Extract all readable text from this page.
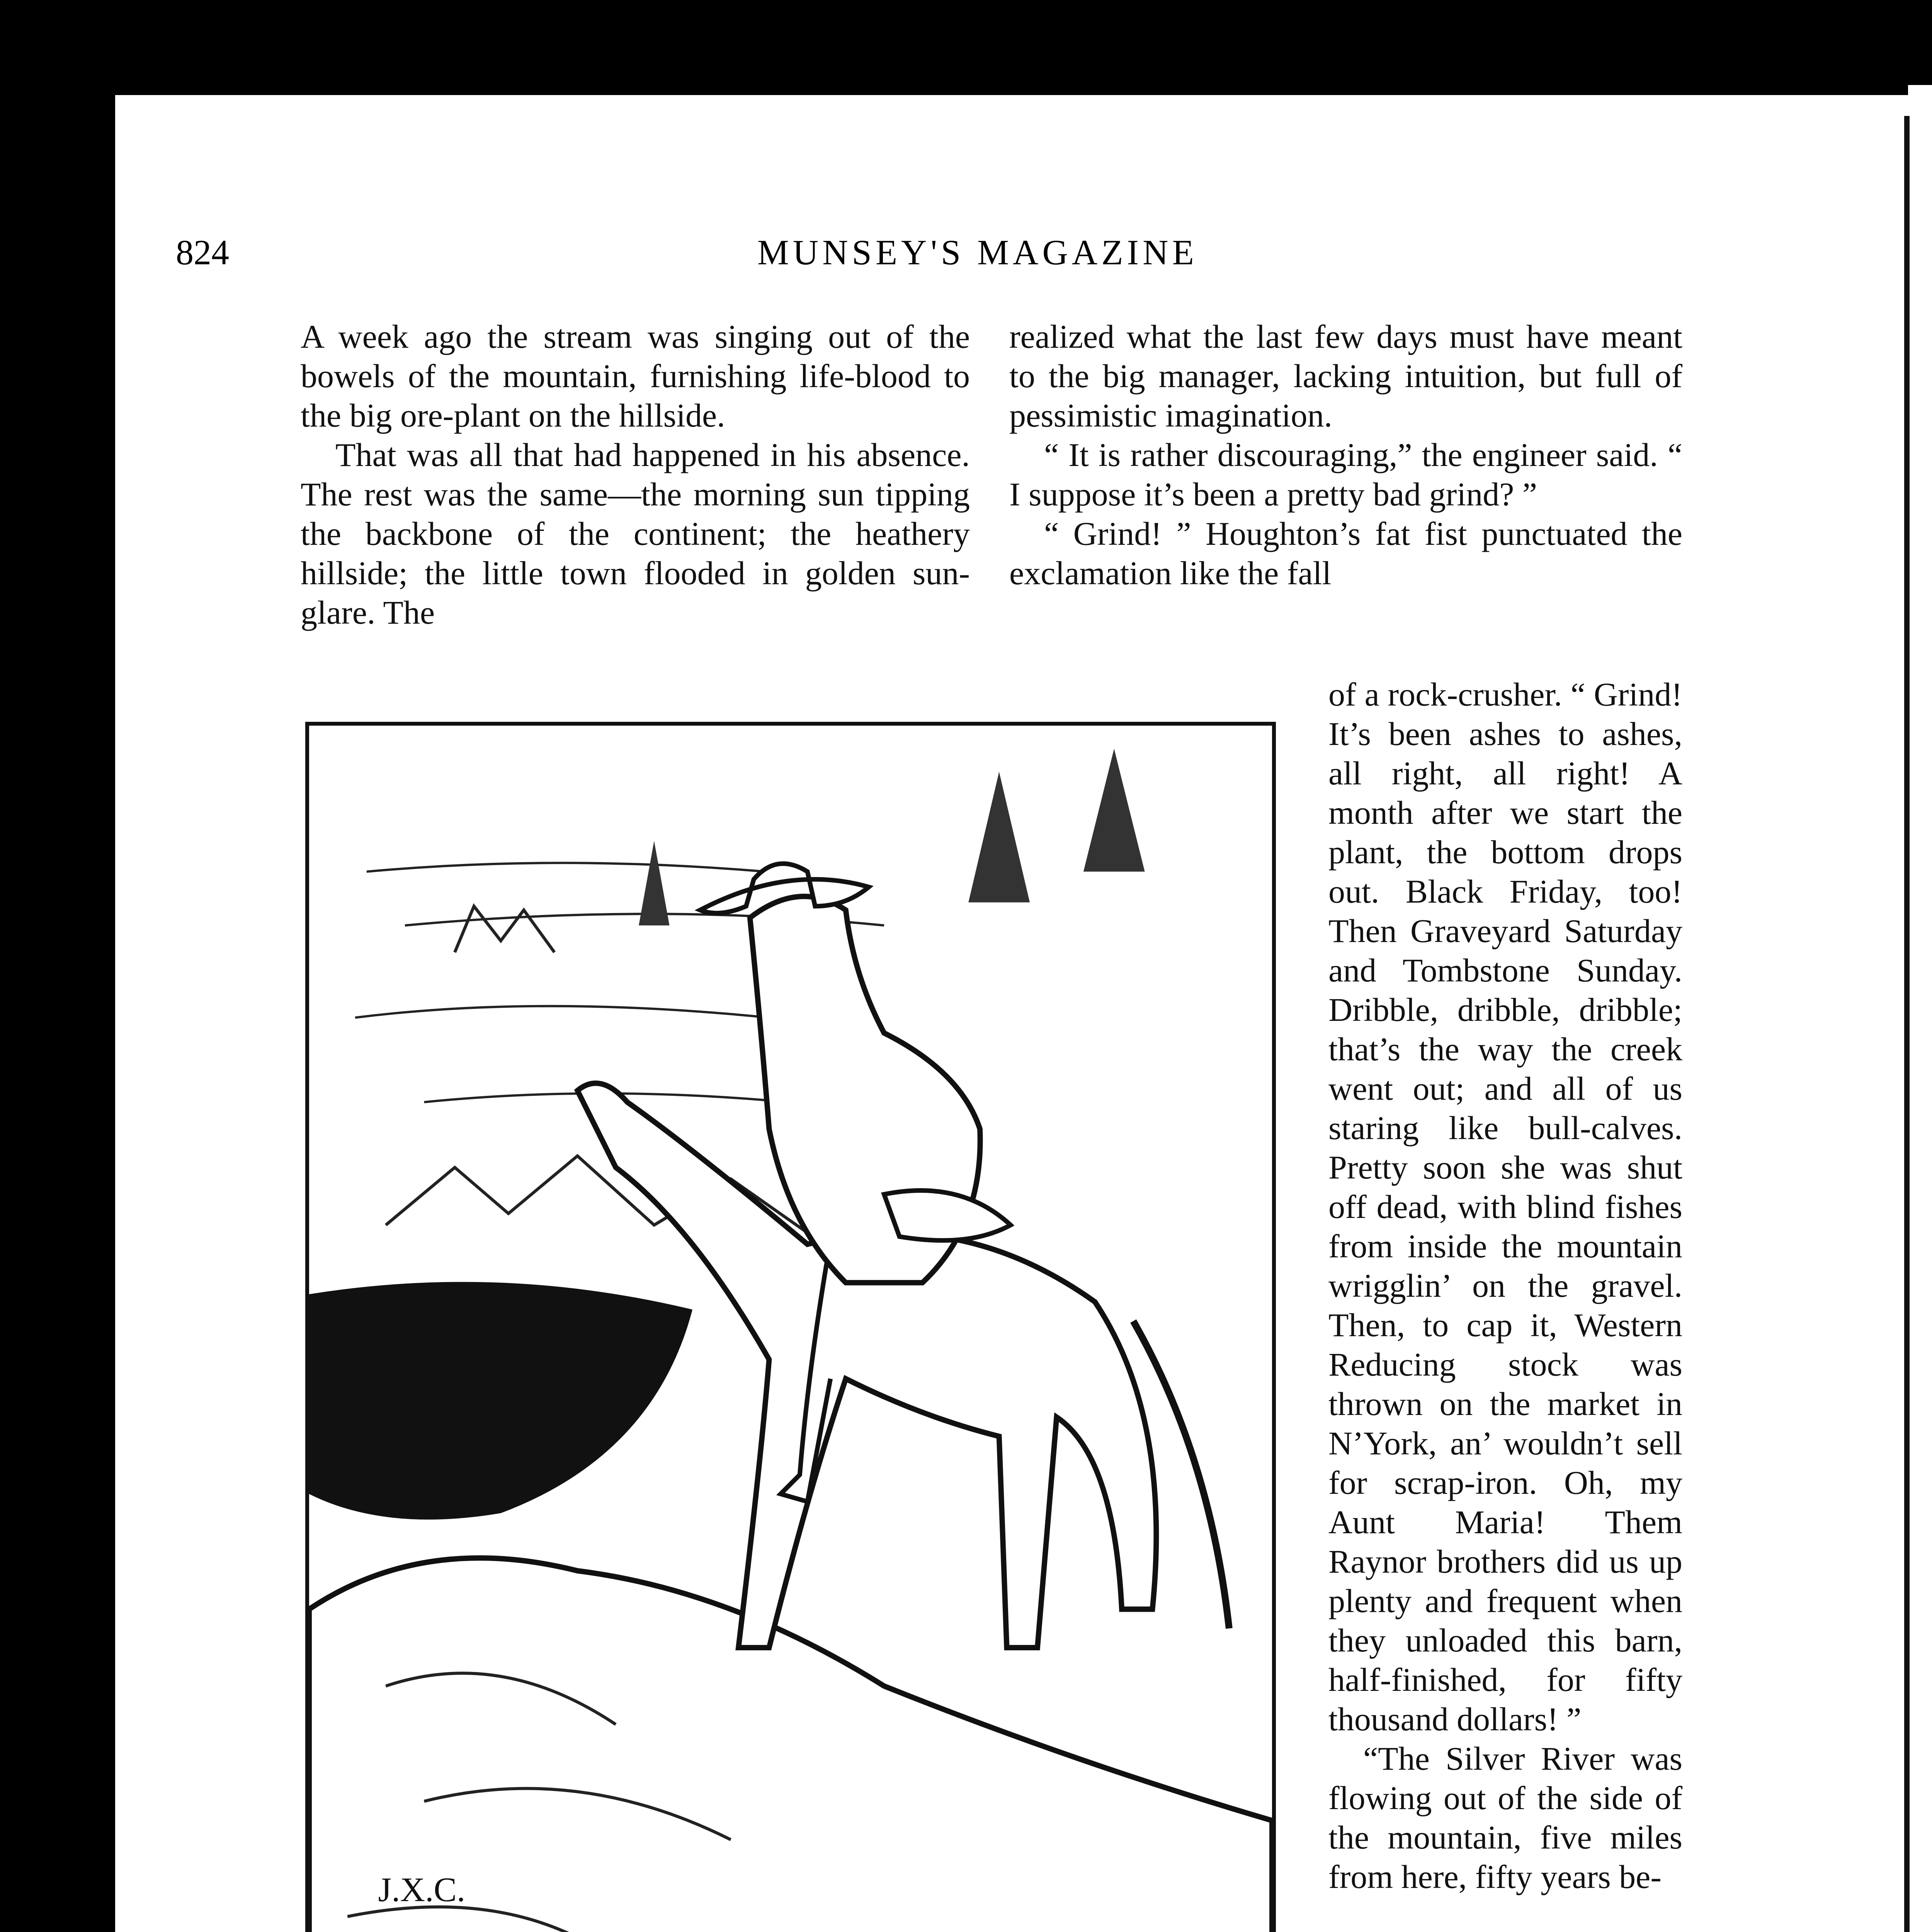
824	MUNSEY'S MAGAZINE

A week ago the stream was singing out of the bowels of the mountain, furnishing life-blood to the big ore-plant on the hillside.

That was all that had happened in his absence. The rest was the same—the morning sun tipping the backbone of the continent; the heathery hillside; the little town flooded in golden sun-glare. The

realized what the last few days must have meant to the big manager, lacking intuition, but full of pessimistic imagination.

“ It is rather discouraging,” the engineer said. “ I suppose it’s been a pretty bad grind? ”

“ Grind! ” Houghton’s fat fist punctuated the exclamation like the fall

of a rock-crusher. “ Grind! It’s been ashes to ashes, all right, all right! A month after we start the plant, the bottom drops out. Black Friday, too! Then Graveyard Saturday and Tombstone Sunday. Dribble, dribble, dribble; that’s the way the creek went out; and all of us staring like bull-calves. Pretty soon she was shut off dead, with blind fishes from inside the mountain wrigglin’ on the gravel. Then, to cap it, Western Reducing stock was thrown on the market in N’York, an’ wouldn’t sell for scrap-iron. Oh, my Aunt Maria! Them Raynor brothers did us up plenty and frequent when they unloaded this barn, half-finished, for fifty thousand dollars! ”

“The Silver River was flowing out of the side of the mountain, five miles from here, fifty years be-

J.X.C.
